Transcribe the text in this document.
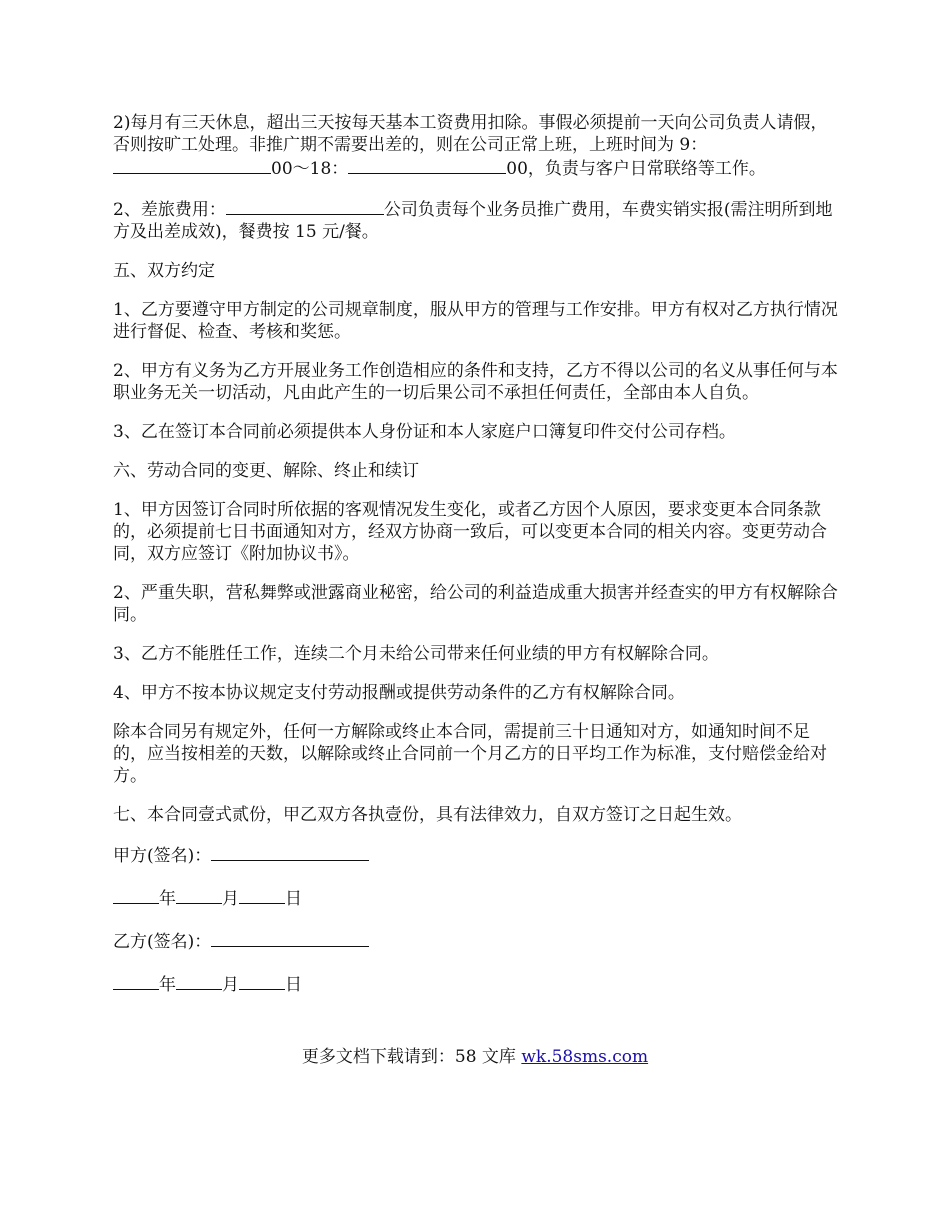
2)每月有三天休息，超出三天按每天基本工资费用扣除。事假必须提前一天向公司负责人请假，否则按旷工处理。非推广期不需要出差的，则在公司正常上班，上班时间为 9：
00～18：	00，负责与客户日常联络等工作。

2、差旅费用：	公司负责每个业务员推广费用，车费实销实报(需注明所到地方及出差成效)，餐费按 15 元/餐。

五、双方约定

1、乙方要遵守甲方制定的公司规章制度，服从甲方的管理与工作安排。甲方有权对乙方执行情况进行督促、检查、考核和奖惩。

2、甲方有义务为乙方开展业务工作创造相应的条件和支持，乙方不得以公司的名义从事任何与本职业务无关一切活动，凡由此产生的一切后果公司不承担任何责任，全部由本人自负。

3、乙在签订本合同前必须提供本人身份证和本人家庭户口簿复印件交付公司存档。

六、劳动合同的变更、解除、终止和续订

1、甲方因签订合同时所依据的客观情况发生变化，或者乙方因个人原因，要求变更本合同条款的，必须提前七日书面通知对方，经双方协商一致后，可以变更本合同的相关内容。变更劳动合同，双方应签订《附加协议书》。

2、严重失职，营私舞弊或泄露商业秘密，给公司的利益造成重大损害并经查实的甲方有权解除合同。

3、乙方不能胜任工作，连续二个月未给公司带来任何业绩的甲方有权解除合同。

4、甲方不按本协议规定支付劳动报酬或提供劳动条件的乙方有权解除合同。

除本合同另有规定外，任何一方解除或终止本合同，需提前三十日通知对方，如通知时间不足的，应当按相差的天数，以解除或终止合同前一个月乙方的日平均工作为标准，支付赔偿金给对方。

七、本合同壹式贰份，甲乙双方各执壹份，具有法律效力，自双方签订之日起生效。

甲方(签名)：

年	月	日

乙方(签名)：

年	月	日

更多文档下载请到：58 文库 wk.58sms.com
